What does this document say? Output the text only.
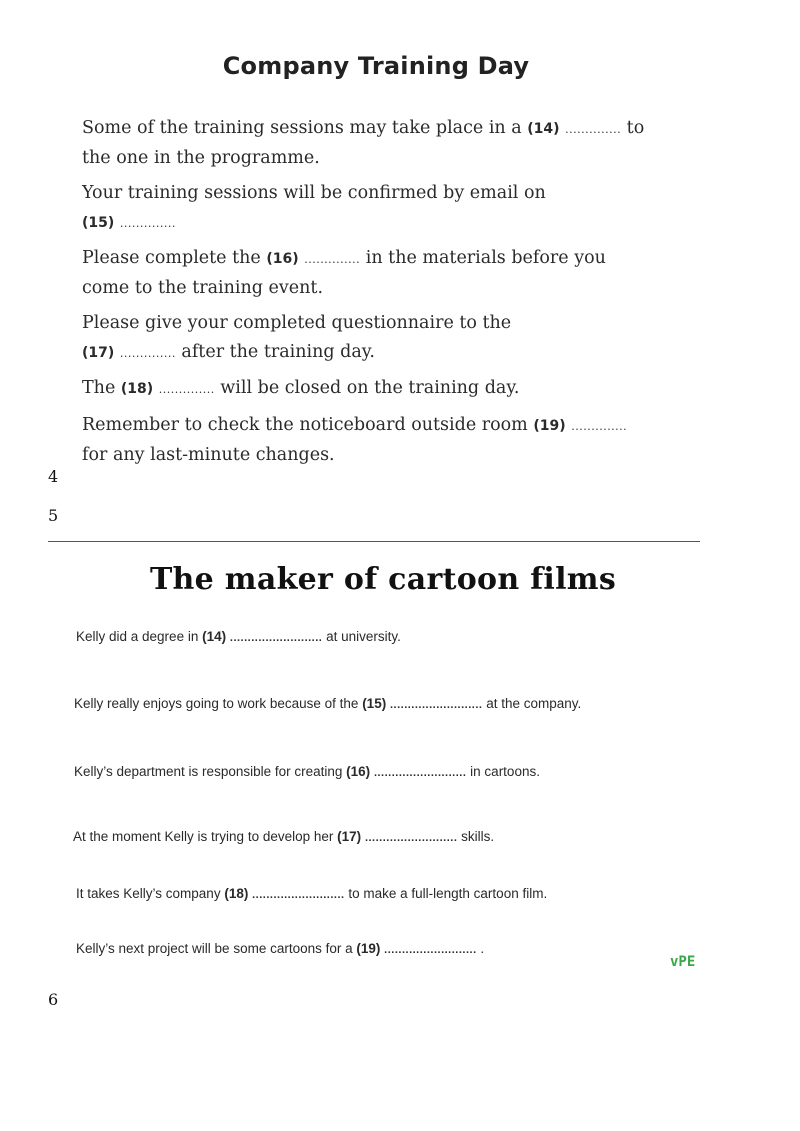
Company Training Day
Some of the training sessions may take place in a (14) .............. to
the one in the programme.
Your training sessions will be confirmed by email on
(15) ..............
Please complete the (16) .............. in the materials before you
come to the training event.
Please give your completed questionnaire to the
(17) .............. after the training day.
The (18) .............. will be closed on the training day.
Remember to check the noticeboard outside room (19) ..............
for any last-minute changes.
4
5
The maker of cartoon films
Kelly did a degree in (14) .......................... at university.
Kelly really enjoys going to work because of the (15) .......................... at the company.
Kelly’s department is responsible for creating (16) .......................... in cartoons.
At the moment Kelly is trying to develop her (17) .......................... skills.
It takes Kelly’s company (18) .......................... to make a full-length cartoon film.
Kelly’s next project will be some cartoons for a (19) .......................... .
vPE
6
